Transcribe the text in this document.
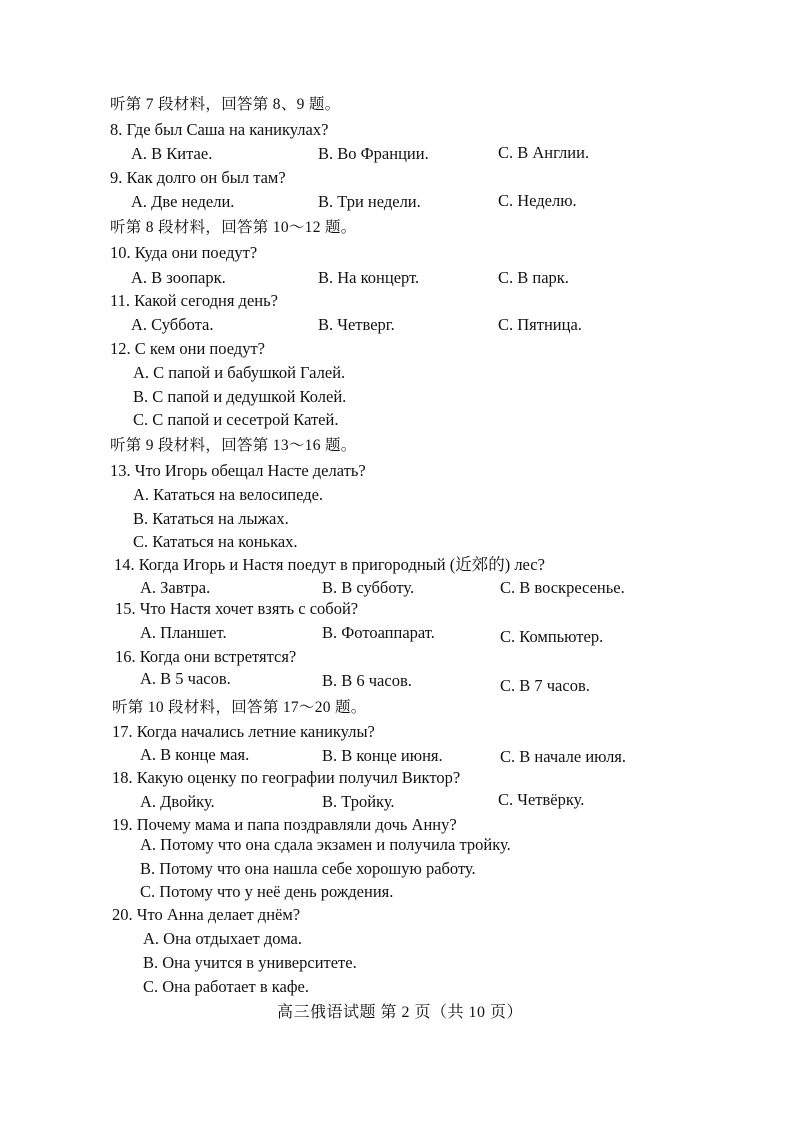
听第 7 段材料，回答第 8、9 题。
8. Где был Саша на каникулах?
A. В Китае.	B. Во Франции.	C. В Англии.
9. Как долго он был там?
A. Две недели.	B. Три недели.	C. Неделю.
听第 8 段材料，回答第 10～12 题。
10. Куда они поедут?
A. В зоопарк.	B. На концерт.	C. В парк.
11. Какой сегодня день?
A. Суббота.	B. Четверг.	C. Пятница.
12. С кем они поедут?
A. С папой и бабушкой Галей.
B. С папой и дедушкой Колей.
C. С папой и сесетрой Катей.
听第 9 段材料，回答第 13～16 题。
13. Что Игорь обещал Насте делать?
A. Кататься на велосипеде.
B. Кататься на лыжах.
C. Кататься на коньках.
14. Когда Игорь и Настя поедут в пригородный (近郊的) лес?
A. Завтра.	B. В субботу.	C. В воскресенье.
15. Что Настя хочет взять с собой?
A. Планшет.	B. Фотоаппарат.	C. Компьютер.
16. Когда они встретятся?
A. В 5 часов.	B. В 6 часов.	C. В 7 часов.
听第 10 段材料，回答第 17～20 题。
17. Когда начались летние каникулы?
A. В конце мая.	B. В конце июня.	C. В начале июля.
18. Какую оценку по географии получил Виктор?
A. Двойку.	B. Тройку.	C. Четвёрку.
19. Почему мама и папа поздравляли дочь Анну?
A. Потому что она сдала экзамен и получила тройку.
B. Потому что она нашла себе хорошую работу.
C. Потому что у неё день рождения.
20. Что Анна делает днём?
A. Она отдыхает дома.
B. Она учится в университете.
C. Она работает в кафе.
高三俄语试题 第 2 页（共 10 页）
